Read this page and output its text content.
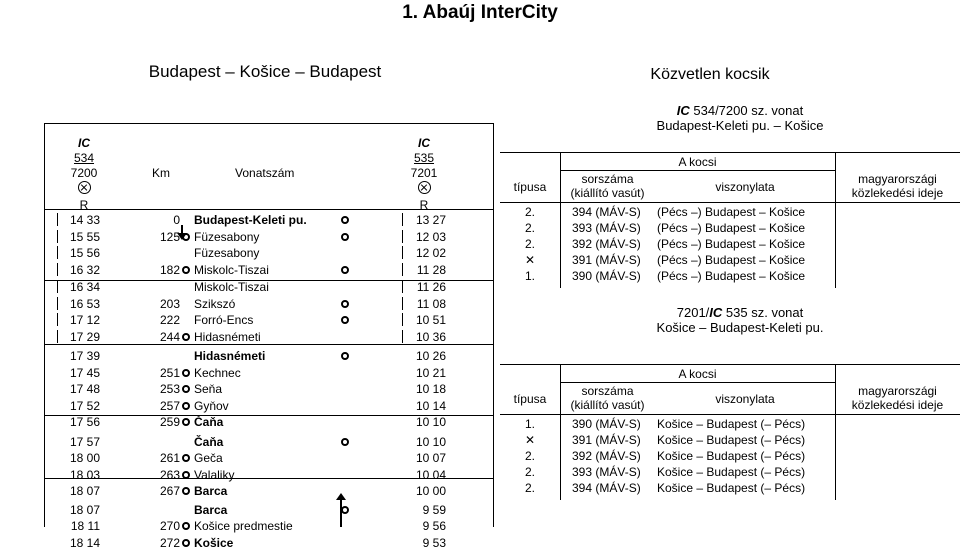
1. Abaúj InterCity
Budapest – Košice – Budapest	Közvetlen kocsik
IC
534
7200
R
Km	Vonatszám
IC
535
7201
R
14 33	0 Budapest-Keleti pu.	13 27
15 55	125 Füzesabony	12 03
15 56	Füzesabony	12 02
16 32	182 Miskolc-Tiszai	11 28
16 34	Miskolc-Tiszai	11 26
16 53	203 Szikszó	11 08
17 12	222 Forró-Encs	10 51
17 29	244 Hidasnémeti	10 36
17 39	Hidasnémeti	10 26
17 45	251 Kechnec	10 21
17 48	253 Seňa	10 18
17 52	257 Gyňov	10 14
17 56	259 Čaňa	10 10
17 57	Čaňa	10 10
18 00	261 Geča	10 07
18 03	263 Valaliky	10 04
18 07	267 Barca	10 00
18 07	Barca	9 59
18 11	270 Košice predmestie	9 56
18 14	272 Košice	9 53
IC 534/7200 sz. vonat
Budapest-Keleti pu. – Košice
A kocsi
típusa
sorszáma
(kiállító vasút)	viszonylata
magyarországi
közlekedési ideje
2.	394 (MÁV-S) (Pécs –) Budapest – Košice
2.	393 (MÁV-S) (Pécs –) Budapest – Košice
2.	392 (MÁV-S) (Pécs –) Budapest – Košice
✕	391 (MÁV-S) (Pécs –) Budapest – Košice
1.	390 (MÁV-S) (Pécs –) Budapest – Košice
7201/IC 535 sz. vonat
Košice – Budapest-Keleti pu.
A kocsi
típusa
sorszáma
(kiállító vasút)	viszonylata
magyarországi
közlekedési ideje
1.	390 (MÁV-S) Košice – Budapest (– Pécs)
✕	391 (MÁV-S) Košice – Budapest (– Pécs)
2.	392 (MÁV-S) Košice – Budapest (– Pécs)
2.	393 (MÁV-S) Košice – Budapest (– Pécs)
2.	394 (MÁV-S) Košice – Budapest (– Pécs)
